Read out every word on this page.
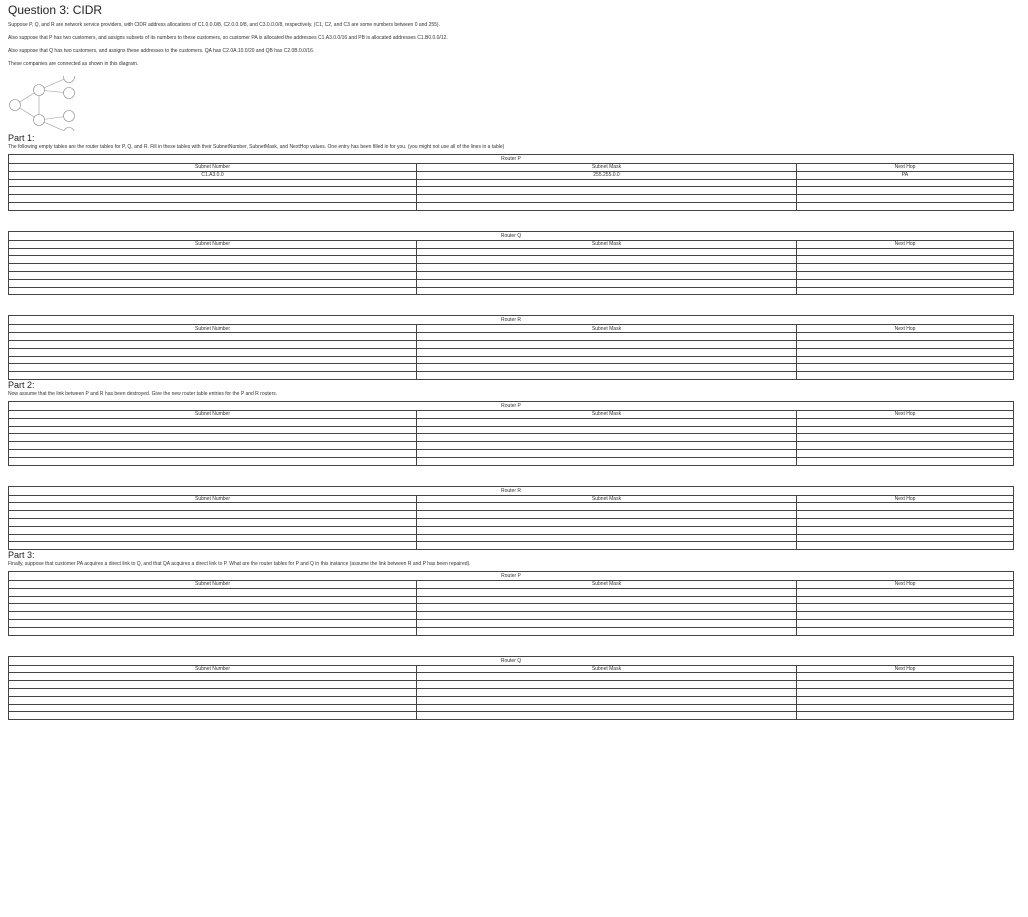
Question 3: CIDR
Suppose P, Q, and R are network service providers, with CIDR address allocations of C1.0.0.0/8, C2.0.0.0/8, and C3.0.0.0/8, respectively. (C1, C2, and C3 are some numbers between 0 and 255).
Also suppose that P has two customers, and assigns subsets of its numbers to these customers, so customer PA is allocated the addresses C1.A3.0.0/16 and PB is allocated addresses C1.B0.0.0/12.
Also suppose that Q has two customers, and assigns these addresses to the customers. QA has C2.0A.10.0/20 and QB has C2.0B.0.0/16.
These companies are connected as shown in this diagram.
Part 1:
The following empty tables are the router tables for P, Q, and R. Fill in these tables with their SubnetNumber, SubnetMask, and NextHop values. One entry has been filled in for you. (you might not use all of the lines in a table)
Router P		
Subnet Number	Subnet Mask	Next Hop
C1.A3.0.0	255.255.0.0	PA

Router Q		
Subnet Number	Subnet Mask	Next Hop

Router R		
Subnet Number	Subnet Mask	Next Hop

Part 2:
Now assume that the link between P and R has been destroyed. Give the new router table entries for the P and R routers.
Router P		
Subnet Number	Subnet Mask	Next Hop

Router R		
Subnet Number	Subnet Mask	Next Hop

Part 3:
Finally, suppose that customer PA acquires a direct link to Q, and that QA acquires a direct link to P. What are the router tables for P and Q in this instance (assume the link between R and P has been repaired).
Router P		
Subnet Number	Subnet Mask	Next Hop

Router Q		
Subnet Number	Subnet Mask	Next Hop
